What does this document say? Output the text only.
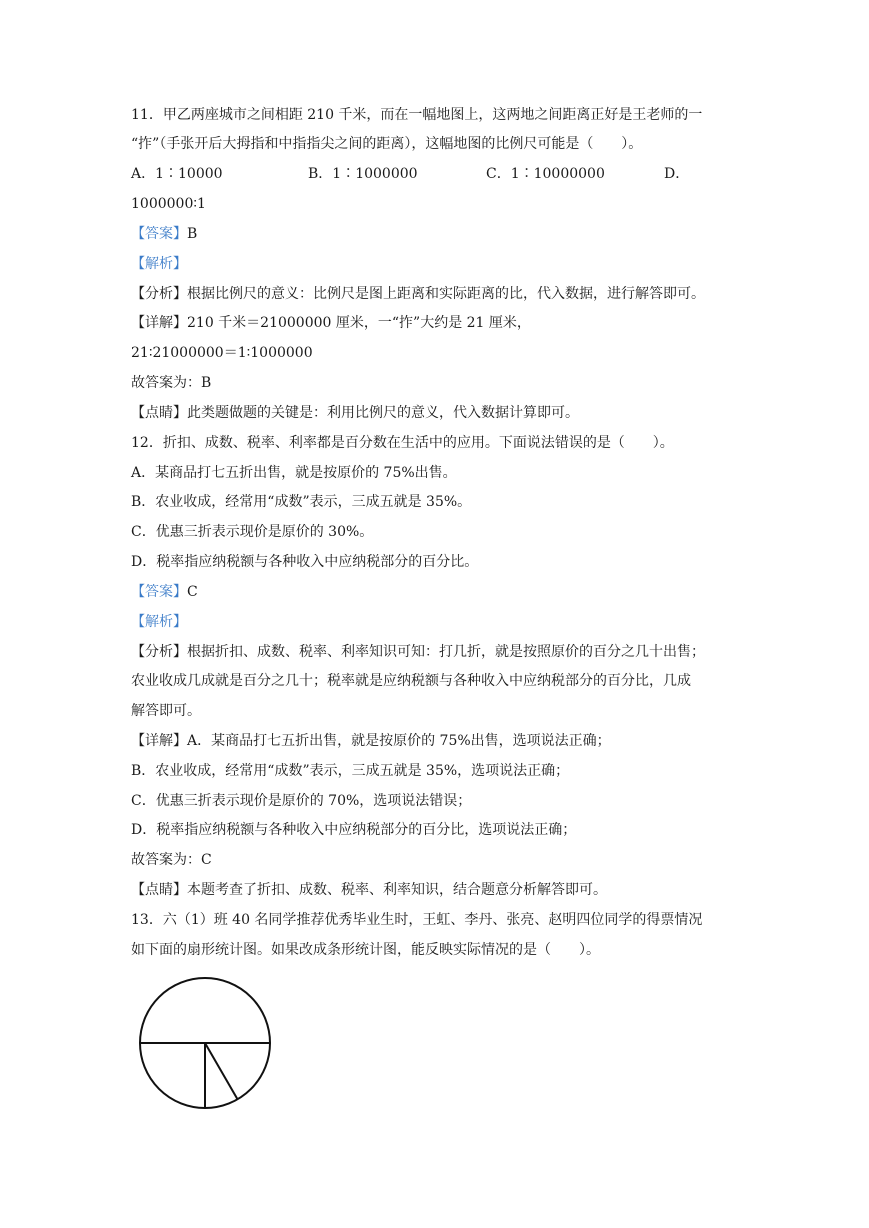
11．甲乙两座城市之间相距 210 千米，而在一幅地图上，这两地之间距离正好是王老师的一
“拃”（手张开后大拇指和中指指尖之间的距离），这幅地图的比例尺可能是（　　）。
A．1∶10000	B．1∶1000000	C．1∶10000000	D．
1000000∶1
【答案】B
【解析】
【分析】根据比例尺的意义：比例尺是图上距离和实际距离的比，代入数据，进行解答即可。
【详解】210 千米＝21000000 厘米，一“拃”大约是 21 厘米，
21∶21000000＝1∶1000000
故答案为：B
【点睛】此类题做题的关键是：利用比例尺的意义，代入数据计算即可。
12．折扣、成数、税率、利率都是百分数在生活中的应用。下面说法错误的是（　　）。
A．某商品打七五折出售，就是按原价的 75%出售。
B．农业收成，经常用“成数”表示，三成五就是 35%。
C．优惠三折表示现价是原价的 30%。
D．税率指应纳税额与各种收入中应纳税部分的百分比。
【答案】C
【解析】
【分析】根据折扣、成数、税率、利率知识可知：打几折，就是按照原价的百分之几十出售；
农业收成几成就是百分之几十；税率就是应纳税额与各种收入中应纳税部分的百分比，几成
解答即可。
【详解】A．某商品打七五折出售，就是按原价的 75%出售，选项说法正确；
B．农业收成，经常用“成数”表示，三成五就是 35%，选项说法正确；
C．优惠三折表示现价是原价的 70%，选项说法错误；
D．税率指应纳税额与各种收入中应纳税部分的百分比，选项说法正确；
故答案为：C
【点睛】本题考查了折扣、成数、税率、利率知识，结合题意分析解答即可。
13．六（1）班 40 名同学推荐优秀毕业生时，王虹、李丹、张亮、赵明四位同学的得票情况
如下面的扇形统计图。如果改成条形统计图，能反映实际情况的是（　　）。
